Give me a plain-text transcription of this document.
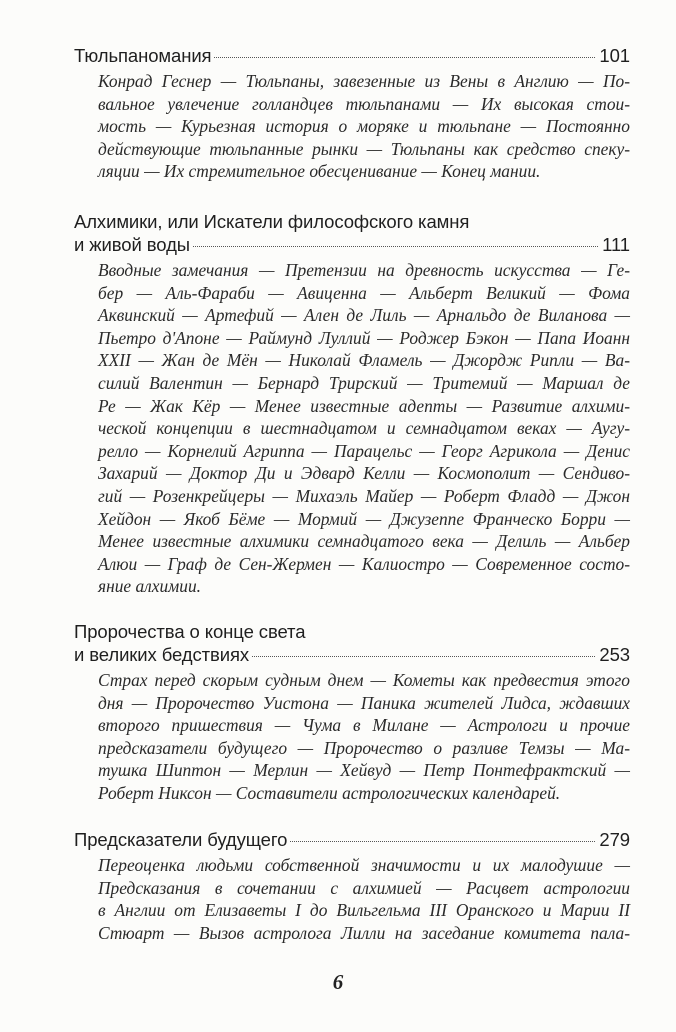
Тюльпаномания	101
Конрад Геснер — Тюльпаны, завезенные из Вены в Англию — По-
вальное увлечение голландцев тюльпанами — Их высокая стои-
мость — Курьезная история о моряке и тюльпане — Постоянно
действующие тюльпанные рынки — Тюльпаны как средство спеку-
ляции — Их стремительное обесценивание — Конец мании.
Алхимики, или Искатели философского камня
и живой воды	111
Вводные замечания — Претензии на древность искусства — Ге-
бер — Аль-Фараби — Авиценна — Альберт Великий — Фома
Аквинский — Артефий — Ален де Лиль — Арнальдо де Виланова —
Пьетро д'Апоне — Раймунд Луллий — Роджер Бэкон — Папа Иоанн
XXII — Жан де Мён — Николай Фламель — Джордж Рипли — Ва-
силий Валентин — Бернард Трирский — Тритемий — Маршал де
Ре — Жак Кёр — Менее известные адепты — Развитие алхими-
ческой концепции в шестнадцатом и семнадцатом веках — Аугу-
релло — Корнелий Агриппа — Парацельс — Георг Агрикола — Денис
Захарий — Доктор Ди и Эдвард Келли — Космополит — Сендиво-
гий — Розенкрейцеры — Михаэль Майер — Роберт Фладд — Джон
Хейдон — Якоб Бёме — Мормий — Джузеппе Франческо Борри —
Менее известные алхимики семнадцатого века — Делиль — Альбер
Алюи — Граф де Сен-Жермен — Калиостро — Современное состо-
яние алхимии.
Пророчества о конце света
и великих бедствиях	253
Страх перед скорым судным днем — Кометы как предвестия этого
дня — Пророчество Уистона — Паника жителей Лидса, ждавших
второго пришествия — Чума в Милане — Астрологи и прочие
предсказатели будущего — Пророчество о разливе Темзы — Ма-
тушка Шиптон — Мерлин — Хейвуд — Петр Понтефрактский —
Роберт Никсон — Составители астрологических календарей.
Предсказатели будущего	279
Переоценка людьми собственной значимости и их малодушие —
Предсказания в сочетании с алхимией — Расцвет астрологии
в Англии от Елизаветы I до Вильгельма III Оранского и Марии II
Стюарт — Вызов астролога Лилли на заседание комитета пала-
6
